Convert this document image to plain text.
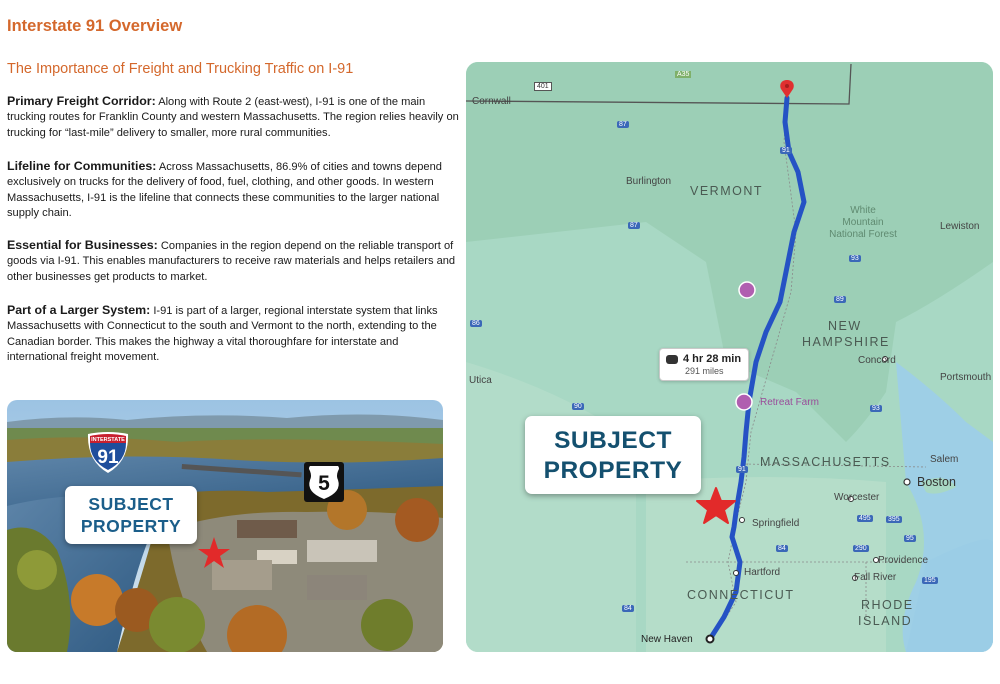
Interstate 91 Overview
The Importance of Freight and Trucking Traffic on I-91
Primary Freight Corridor: Along with Route 2 (east-west), I-91 is one of the main trucking routes for Franklin County and western Massachusetts. The region relies heavily on trucking for “last-mile” delivery to smaller, more rural communities.
Lifeline for Communities: Across Massachusetts, 86.9% of cities and towns depend exclusively on trucks for the delivery of food, fuel, clothing, and other goods. In western Massachusetts, I-91 is the lifeline that connects these communities to the larger national supply chain.
Essential for Businesses: Companies in the region depend on the reliable transport of goods via I-91. This enables manufacturers to receive raw materials and helps retailers and other businesses get products to market.
Part of a Larger System: I-91 is part of a larger, regional interstate system that links Massachusetts with Connecticut to the south and Vermont to the north, extending to the Canadian border. This makes the highway a vital thoroughfare for interstate and international freight movement.
INTERSTATE
91
5
SUBJECT
PROPERTY
VERMONT
NEW
HAMPSHIRE
MASSACHUSETTS
CONNECTICUT
RHODE
ISLAND
Burlington
Lewiston
Concord
Portsmouth
Utica
Salem
Boston
Worcester
Springfield
Hartford
Providence
Fall River
New Haven
Cornwall
Retreat Farm
White
Mountain
National Forest
A35
401
87
91
87
89
93
93
90
91
84
495
290
95
195
395
84
86
4 hr 28 min
291 miles
SUBJECT
PROPERTY
